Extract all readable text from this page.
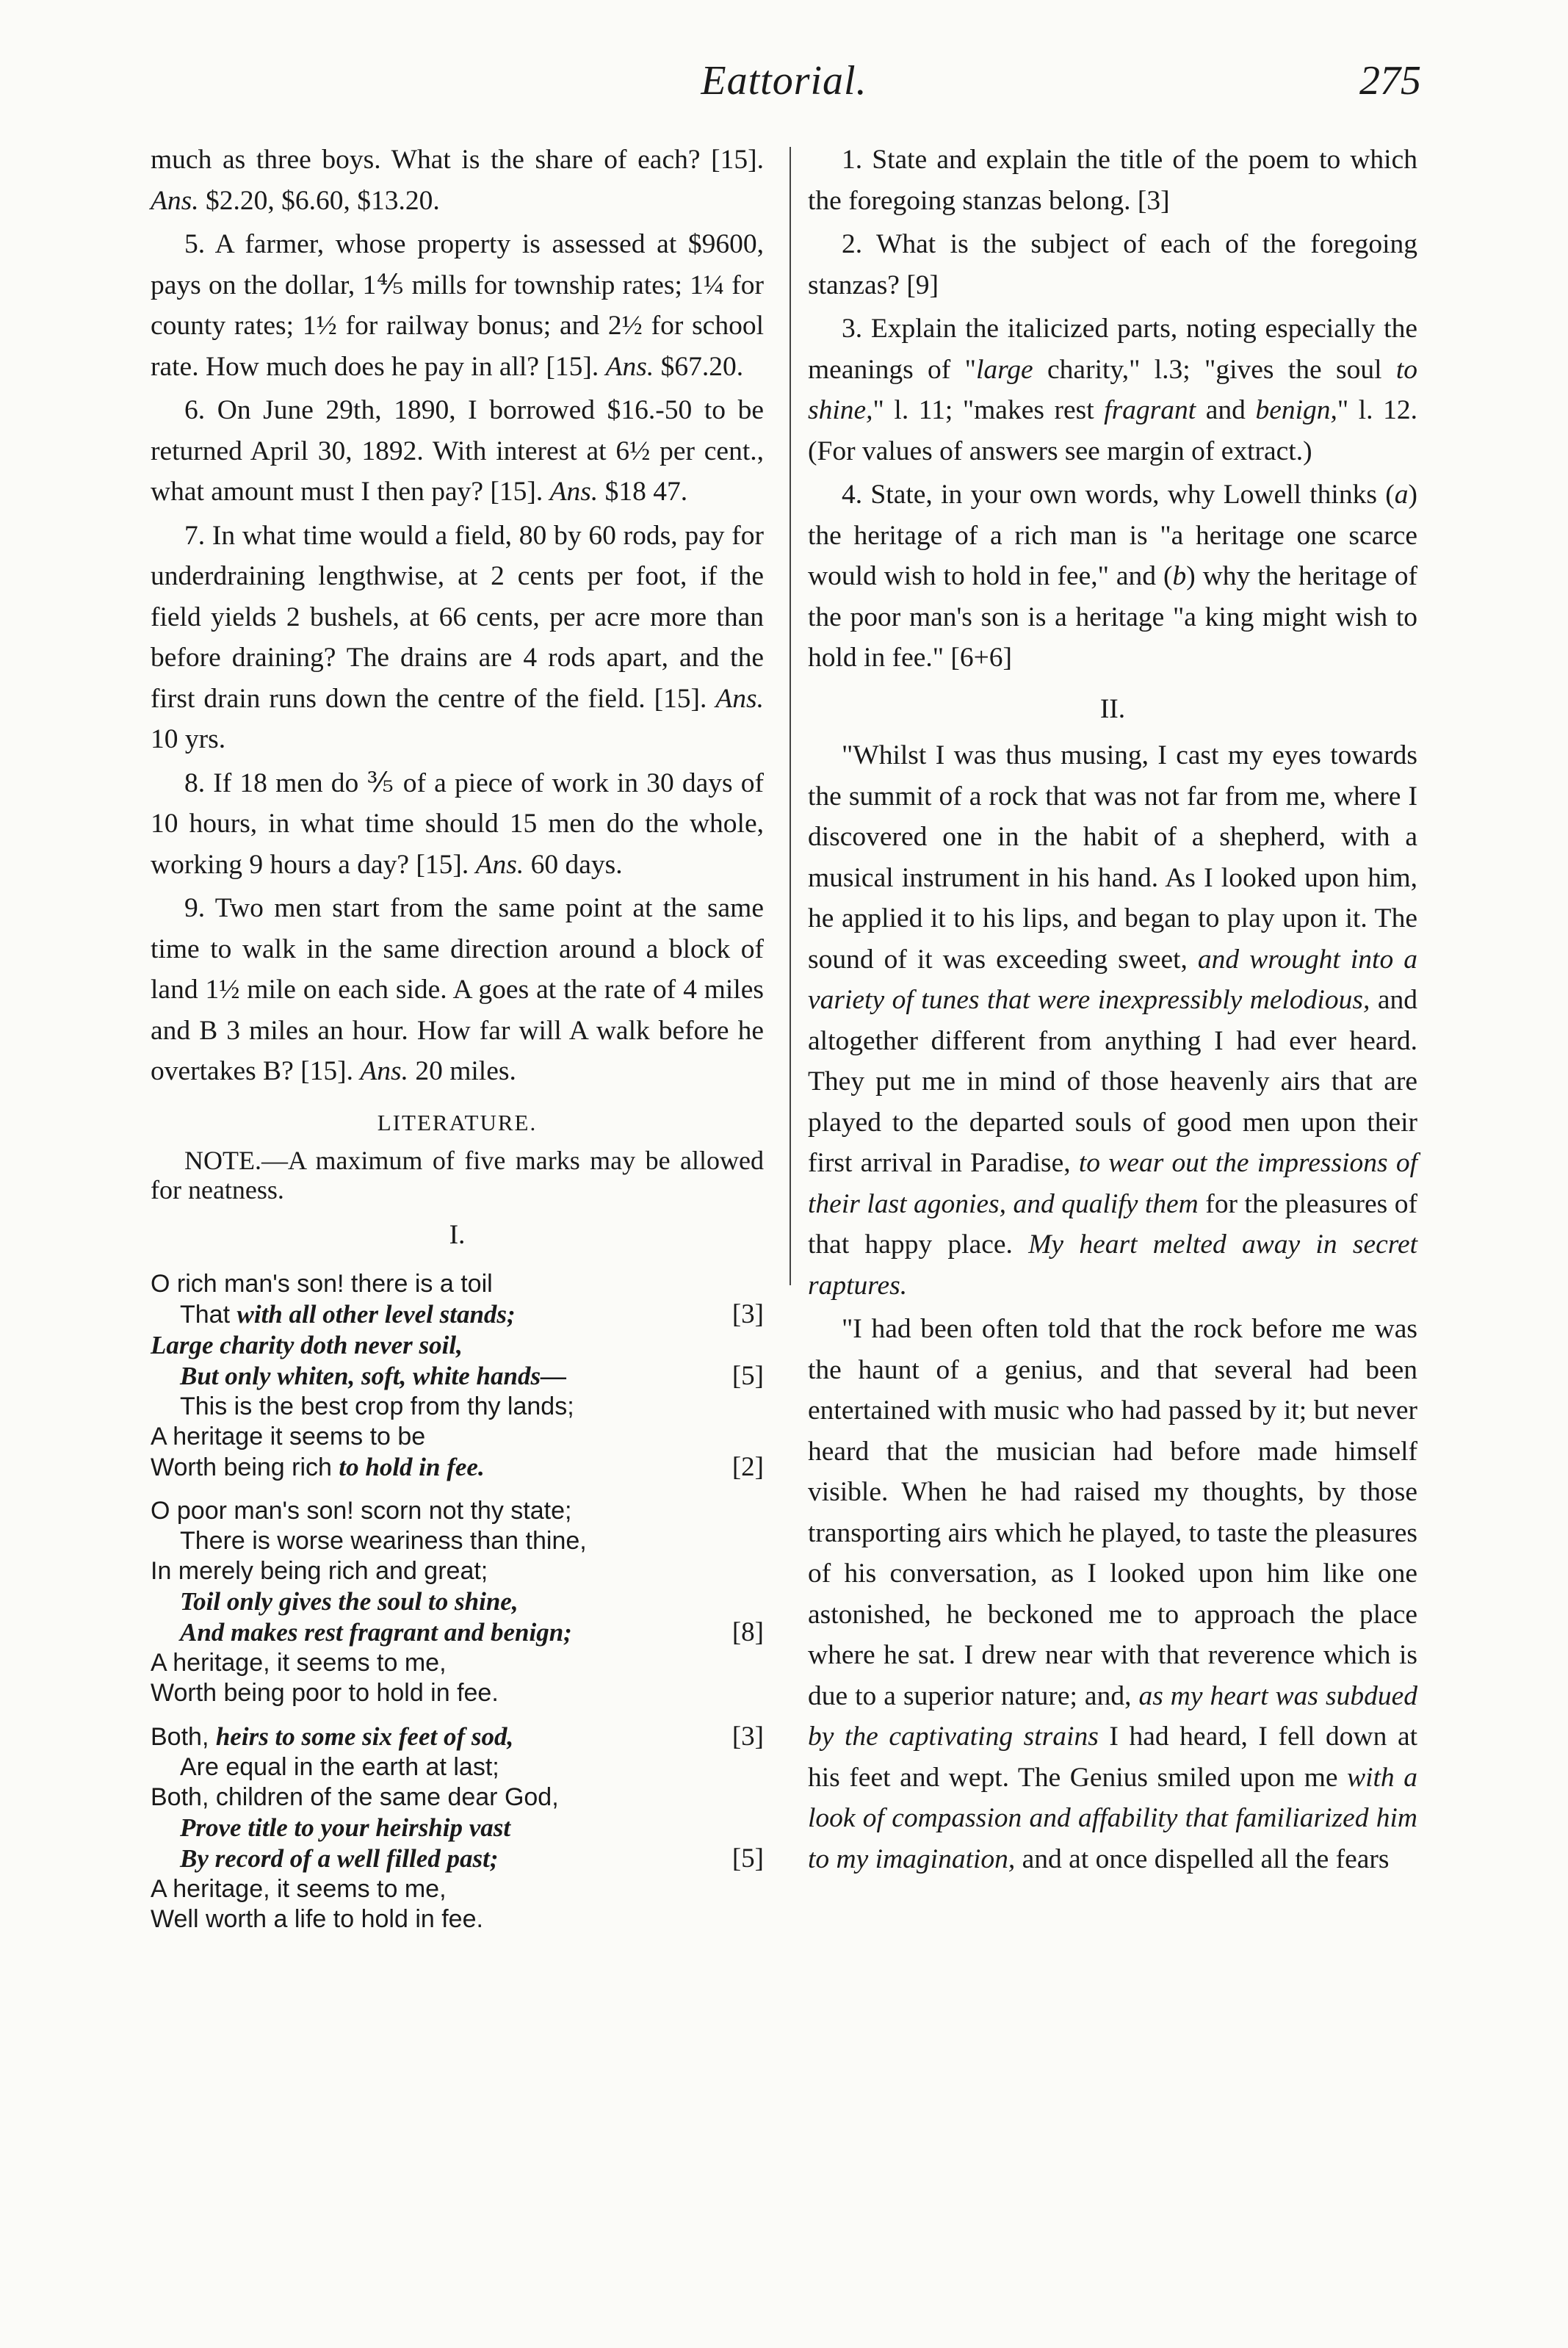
Eattorial.	275

much as three boys. What is the share of each? [15]. Ans. $2.20, $6.60, $13.20.

5. A farmer, whose property is assessed at $9600, pays on the dollar, 1⅘ mills for township rates; 1¼ for county rates; 1½ for railway bonus; and 2½ for school rate. How much does he pay in all? [15]. Ans. $67.20.

6. On June 29th, 1890, I borrowed $16.-50 to be returned April 30, 1892. With interest at 6½ per cent., what amount must I then pay? [15]. Ans. $18 47.

7. In what time would a field, 80 by 60 rods, pay for underdraining lengthwise, at 2 cents per foot, if the field yields 2 bushels, at 66 cents, per acre more than before draining? The drains are 4 rods apart, and the first drain runs down the centre of the field. [15]. Ans. 10 yrs.

8. If 18 men do ⅗ of a piece of work in 30 days of 10 hours, in what time should 15 men do the whole, working 9 hours a day? [15]. Ans. 60 days.

9. Two men start from the same point at the same time to walk in the same direction around a block of land 1½ mile on each side. A goes at the rate of 4 miles and B 3 miles an hour. How far will A walk before he overtakes B? [15]. Ans. 20 miles.

LITERATURE.

NOTE.—A maximum of five marks may be allowed for neatness.

I.
O rich man's son! there is a toil
That with all other level stands;	[3]
Large charity doth never soil,
But only whiten, soft, white hands—	[5]
This is the best crop from thy lands;
A heritage it seems to be
Worth being rich to hold in fee.	[2]
O poor man's son! scorn not thy state;
There is worse weariness than thine,
In merely being rich and great;
Toil only gives the soul to shine,
And makes rest fragrant and benign;	[8]
A heritage, it seems to me,
Worth being poor to hold in fee.
Both, heirs to some six feet of sod,	[3]
Are equal in the earth at last;
Both, children of the same dear God,
Prove title to your heirship vast
By record of a well filled past;	[5]
A heritage, it seems to me,
Well worth a life to hold in fee.

1. State and explain the title of the poem to which the foregoing stanzas belong. [3]

2. What is the subject of each of the foregoing stanzas? [9]

3. Explain the italicized parts, noting especially the meanings of "large charity," l.3; "gives the soul to shine," l. 11; "makes rest fragrant and benign," l. 12. (For values of answers see margin of extract.)

4. State, in your own words, why Lowell thinks (a) the heritage of a rich man is "a heritage one scarce would wish to hold in fee," and (b) why the heritage of the poor man's son is a heritage "a king might wish to hold in fee." [6+6]

II.

"Whilst I was thus musing, I cast my eyes towards the summit of a rock that was not far from me, where I discovered one in the habit of a shepherd, with a musical instrument in his hand. As I looked upon him, he applied it to his lips, and began to play upon it. The sound of it was exceeding sweet, and wrought into a variety of tunes that were inexpressibly melodious, and altogether different from anything I had ever heard. They put me in mind of those heavenly airs that are played to the departed souls of good men upon their first arrival in Paradise, to wear out the impressions of their last agonies, and qualify them for the pleasures of that happy place. My heart melted away in secret raptures.

"I had been often told that the rock before me was the haunt of a genius, and that several had been entertained with music who had passed by it; but never heard that the musician had before made himself visible. When he had raised my thoughts, by those transporting airs which he played, to taste the pleasures of his conversation, as I looked upon him like one astonished, he beckoned me to approach the place where he sat. I drew near with that reverence which is due to a superior nature; and, as my heart was subdued by the captivating strains I had heard, I fell down at his feet and wept. The Genius smiled upon me with a look of compassion and affability that familiarized him to my imagination, and at once dispelled all the fears
